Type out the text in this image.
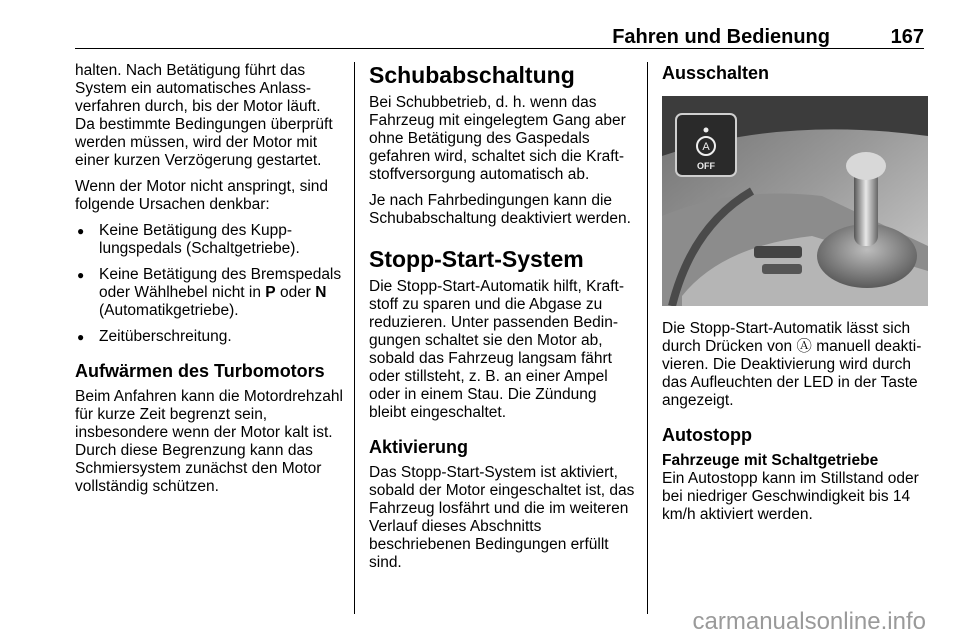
Fahren und Bedienung	167

halten. Nach Betätigung führt das System ein automatisches Anlassverfahren durch, bis der Motor läuft. Da bestimmte Bedingungen überprüft werden müssen, wird der Motor mit einer kurzen Verzögerung gestartet.

Wenn der Motor nicht anspringt, sind folgende Ursachen denkbar:

● Keine Betätigung des Kupplungspedals (Schaltgetriebe).
● Keine Betätigung des Bremspedals oder Wählhebel nicht in P oder N (Automatikgetriebe).
● Zeitüberschreitung.
Aufwärmen des Turbomotors

Beim Anfahren kann die Motordrehzahl für kurze Zeit begrenzt sein, insbesondere wenn der Motor kalt ist. Durch diese Begrenzung kann das Schmiersystem zunächst den Motor vollständig schützen.

Schubabschaltung

Bei Schubbetrieb, d. h. wenn das Fahrzeug mit eingelegtem Gang aber ohne Betätigung des Gaspedals gefahren wird, schaltet sich die Kraftstoffversorgung automatisch ab.

Je nach Fahrbedingungen kann die Schubabschaltung deaktiviert werden.

Stopp-Start-System

Die Stopp-Start-Automatik hilft, Kraftstoff zu sparen und die Abgase zu reduzieren. Unter passenden Bedingungen schaltet sie den Motor ab, sobald das Fahrzeug langsam fährt oder stillsteht, z. B. an einer Ampel oder in einem Stau. Die Zündung bleibt eingeschaltet.

Aktivierung

Das Stopp-Start-System ist aktiviert, sobald der Motor eingeschaltet ist, das Fahrzeug losfährt und die im weiteren Verlauf dieses Abschnitts beschriebenen Bedingungen erfüllt sind.

Ausschalten
A
OFF

Die Stopp-Start-Automatik lässt sich durch Drücken von Ⓐ manuell deaktivieren. Die Deaktivierung wird durch das Aufleuchten der LED in der Taste angezeigt.

Autostopp
Fahrzeuge mit Schaltgetriebe

Ein Autostopp kann im Stillstand oder bei niedriger Geschwindigkeit bis 14 km/h aktiviert werden.

carmanualsonline.info
